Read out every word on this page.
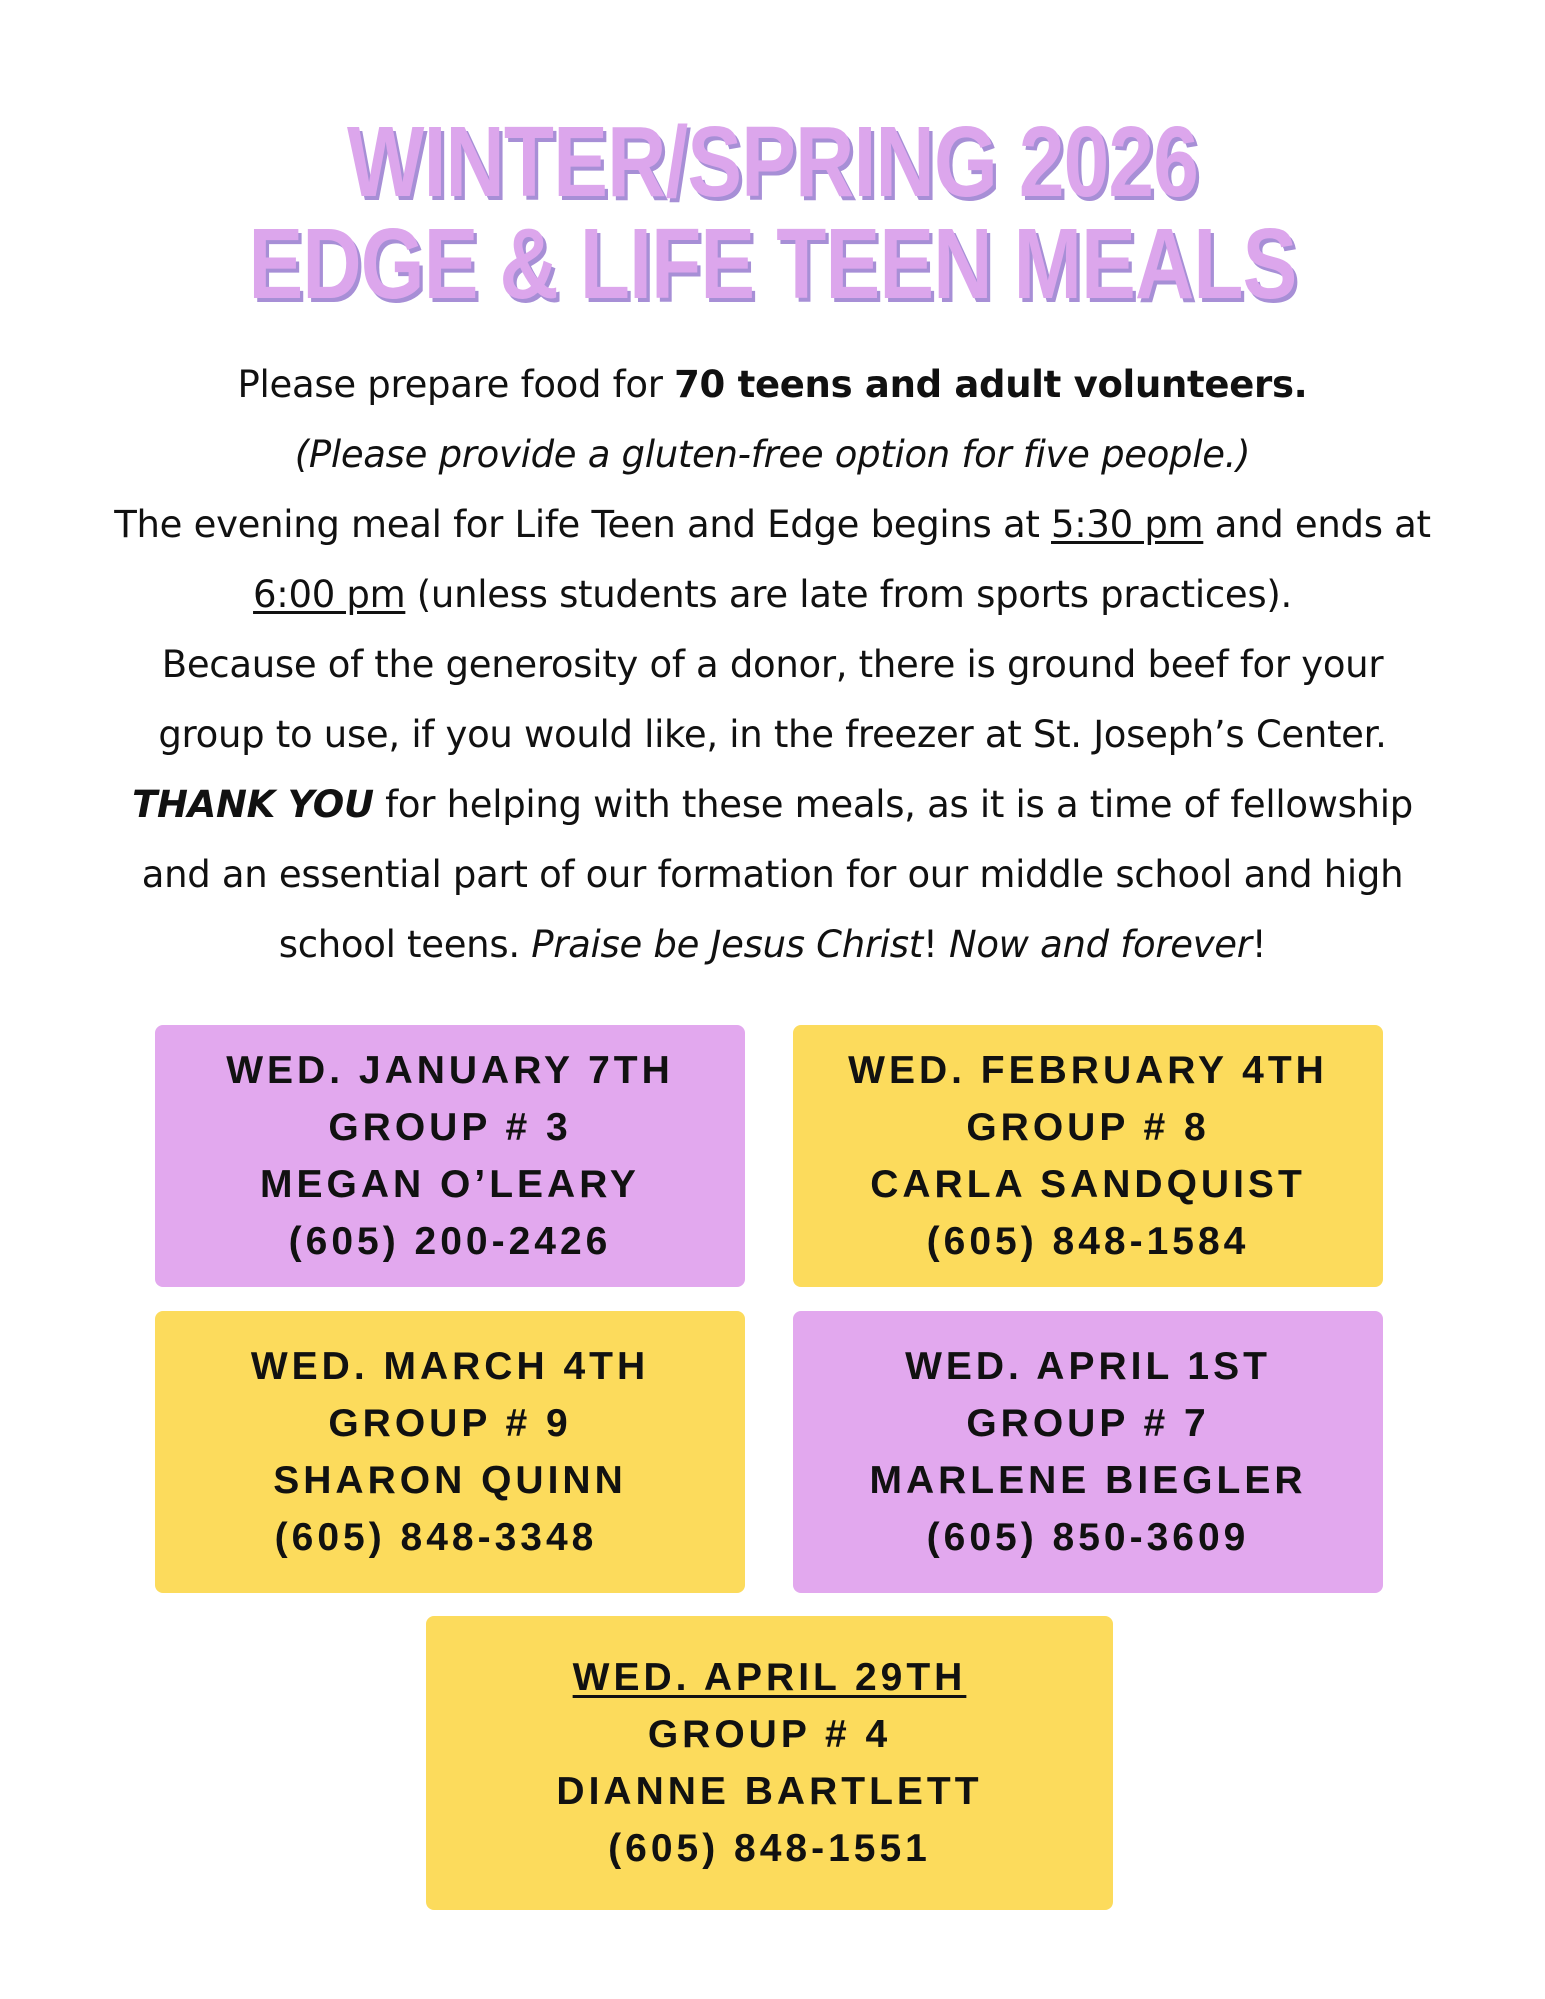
WINTER/SPRING 2026
EDGE & LIFE TEEN MEALS

Please prepare food for 70 teens and adult volunteers.

(Please provide a gluten-free option for five people.)

The evening meal for Life Teen and Edge begins at 5:30 pm and ends at 6:00 pm (unless students are late from sports practices).

Because of the generosity of a donor, there is ground beef for your group to use, if you would like, in the freezer at St. Joseph’s Center.

THANK YOU for helping with these meals, as it is a time of fellowship and an essential part of our formation for our middle school and high school teens. Praise be Jesus Christ! Now and forever!

WED. JANUARY 7TH
GROUP # 3
MEGAN O’LEARY
(605) 200-2426
WED. FEBRUARY 4TH
GROUP # 8
CARLA SANDQUIST
(605) 848-1584
WED. MARCH 4TH
GROUP # 9
SHARON QUINN
(605) 848-3348
WED. APRIL 1ST
GROUP # 7
MARLENE BIEGLER
(605) 850-3609
WED. APRIL 29TH
GROUP # 4
DIANNE BARTLETT
(605) 848-1551
